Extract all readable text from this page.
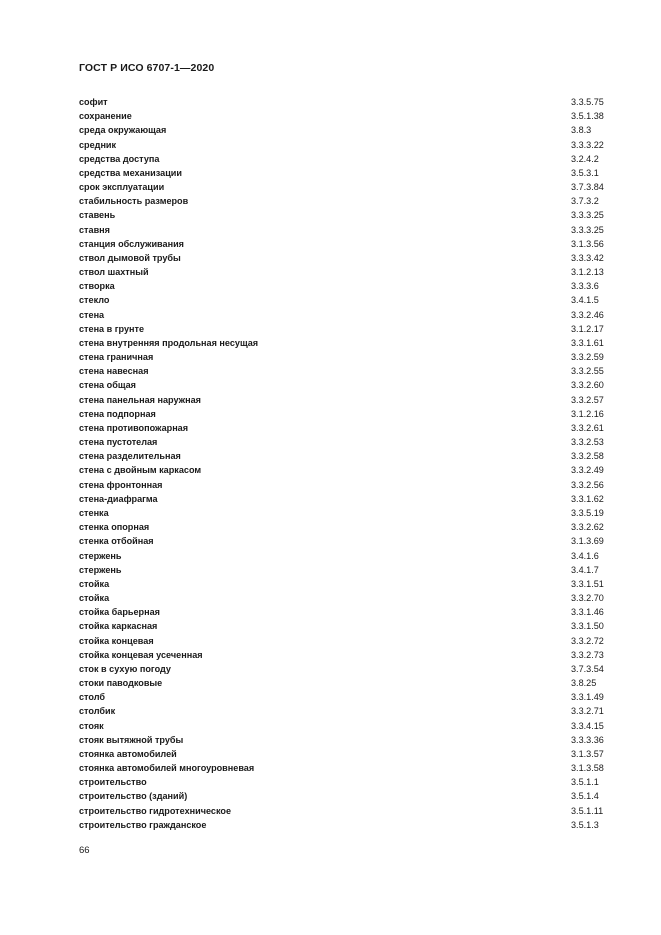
ГОСТ Р ИСО 6707-1—2020
софит	3.3.5.75
сохранение	3.5.1.38
среда окружающая	3.8.3
средник	3.3.3.22
средства доступа	3.2.4.2
средства механизации	3.5.3.1
срок эксплуатации	3.7.3.84
стабильность размеров	3.7.3.2
ставень	3.3.3.25
ставня	3.3.3.25
станция обслуживания	3.1.3.56
ствол дымовой трубы	3.3.3.42
ствол шахтный	3.1.2.13
створка	3.3.3.6
стекло	3.4.1.5
стена	3.3.2.46
стена в грунте	3.1.2.17
стена внутренняя продольная несущая	3.3.1.61
стена граничная	3.3.2.59
стена навесная	3.3.2.55
стена общая	3.3.2.60
стена панельная наружная	3.3.2.57
стена подпорная	3.1.2.16
стена противопожарная	3.3.2.61
стена пустотелая	3.3.2.53
стена разделительная	3.3.2.58
стена с двойным каркасом	3.3.2.49
стена фронтонная	3.3.2.56
стена-диафрагма	3.3.1.62
стенка	3.3.5.19
стенка опорная	3.3.2.62
стенка отбойная	3.1.3.69
стержень	3.4.1.6
стержень	3.4.1.7
стойка	3.3.1.51
стойка	3.3.2.70
стойка барьерная	3.3.1.46
стойка каркасная	3.3.1.50
стойка концевая	3.3.2.72
стойка концевая усеченная	3.3.2.73
сток в сухую погоду	3.7.3.54
стоки паводковые	3.8.25
столб	3.3.1.49
столбик	3.3.2.71
стояк	3.3.4.15
стояк вытяжной трубы	3.3.3.36
стоянка автомобилей	3.1.3.57
стоянка автомобилей многоуровневая	3.1.3.58
строительство	3.5.1.1
строительство (зданий)	3.5.1.4
строительство гидротехническое	3.5.1.11
строительство гражданское	3.5.1.3
66
